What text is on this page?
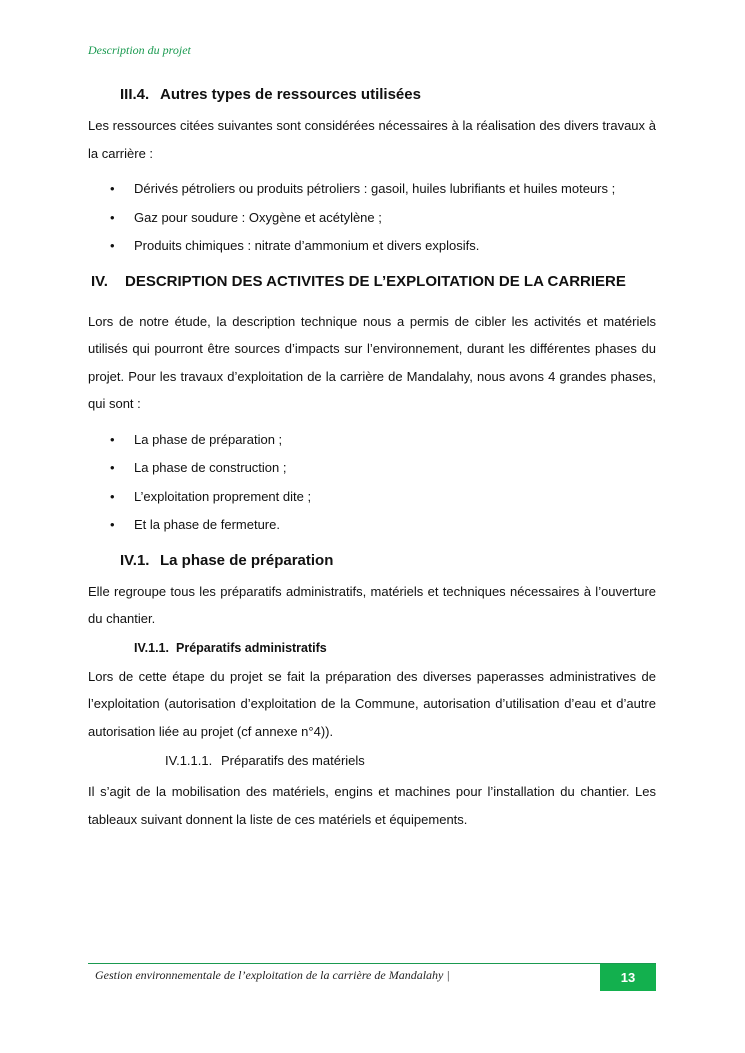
Description du projet
III.4. Autres types de ressources utilisées

Les ressources citées suivantes sont considérées nécessaires à la réalisation des divers travaux à la carrière :

• Dérivés pétroliers ou produits pétroliers : gasoil, huiles lubrifiants et huiles moteurs ;
• Gaz pour soudure : Oxygène et acétylène ;
• Produits chimiques : nitrate d’ammonium et divers explosifs.
IV. DESCRIPTION DES ACTIVITES DE L’EXPLOITATION DE LA CARRIERE

Lors de notre étude, la description technique nous a permis de cibler les activités et matériels utilisés qui pourront être sources d’impacts sur l’environnement, durant les différentes phases du projet. Pour les travaux d’exploitation de la carrière de Mandalahy, nous avons 4 grandes phases, qui sont :

• La phase de préparation ;
• La phase de construction ;
• L’exploitation proprement dite ;
• Et la phase de fermeture.
IV.1. La phase de préparation

Elle regroupe tous les préparatifs administratifs, matériels et techniques nécessaires à l’ouverture du chantier.

IV.1.1. Préparatifs administratifs

Lors de cette étape du projet se fait la préparation des diverses paperasses administratives de l’exploitation (autorisation d’exploitation de la Commune, autorisation d’utilisation d’eau et d’autre autorisation liée au projet (cf annexe n°4)).

IV.1.1.1. Préparatifs des matériels

Il s’agit de la mobilisation des matériels, engins et machines pour l’installation du chantier. Les tableaux suivant donnent la liste de ces matériels et équipements.

Gestion environnementale de l’exploitation de la carrière de Mandalahy |	13
